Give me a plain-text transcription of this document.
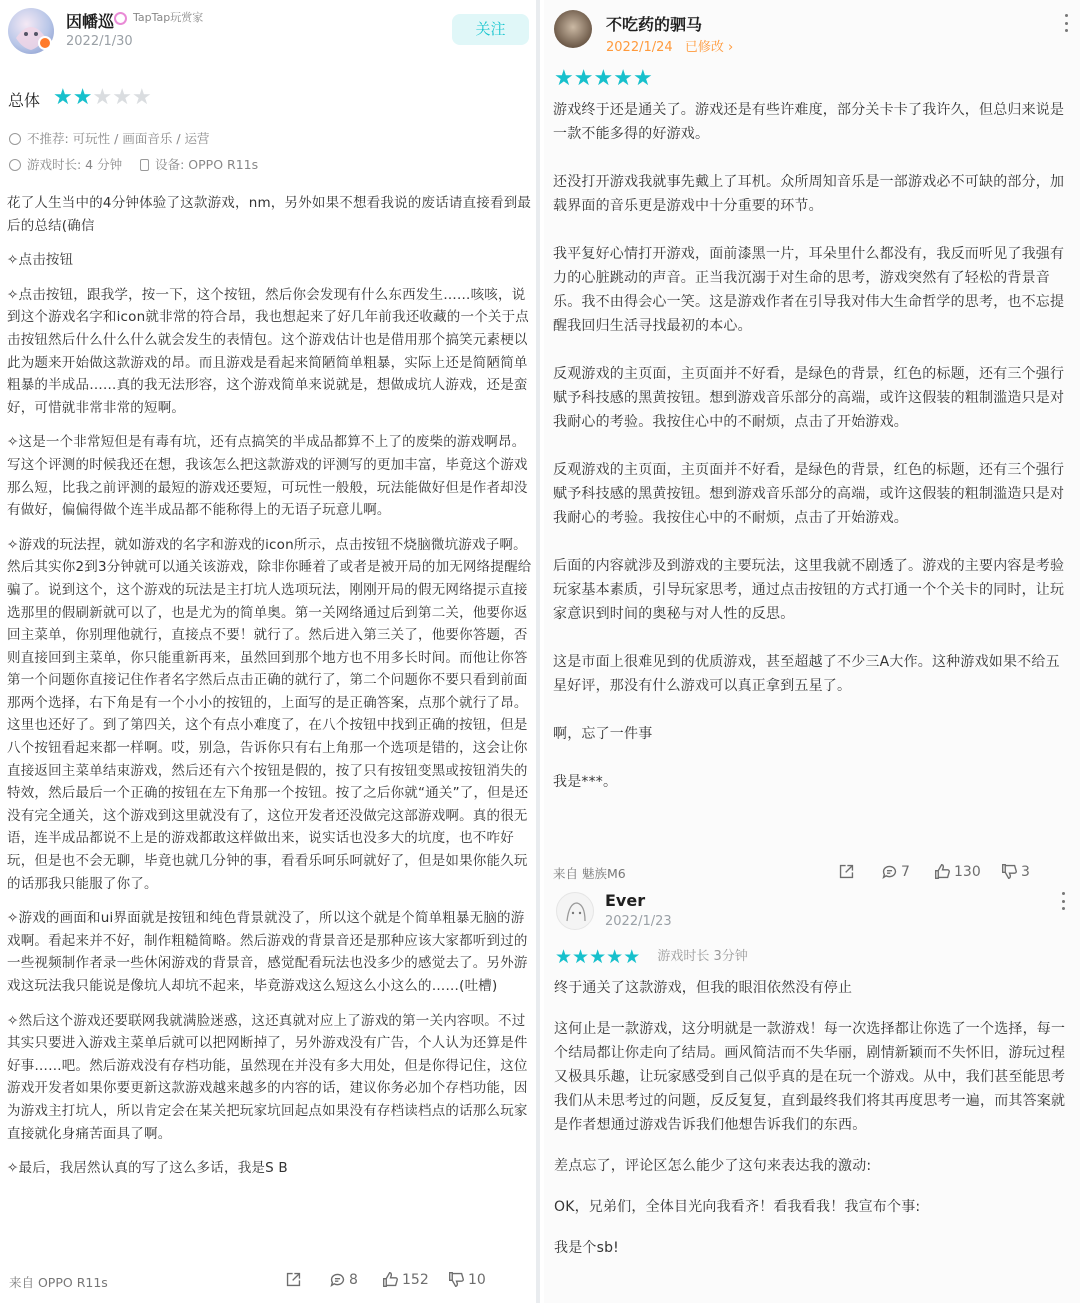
因幡巡 TapTap玩赏家
2022/1/30
关注
总体 ★★★★★
不推荐: 可玩性 / 画面音乐 / 运营
游戏时长: 4 分钟	设备: OPPO R11s

花了人生当中的4分钟体验了这款游戏，nm，另外如果不想看我说的废话请直接看到最后的总结(确信

✧点击按钮

✧点击按钮，跟我学，按一下，这个按钮，然后你会发现有什么东西发生……咳咳，说到这个游戏名字和icon就非常的符合昂，我也想起来了好几年前我还收藏的一个关于点击按钮然后什么什么什么就会发生的表情包。这个游戏估计也是借用那个搞笑元素梗以此为题来开始做这款游戏的昂。而且游戏是看起来简陋简单粗暴，实际上还是简陋简单粗暴的半成品……真的我无法形容，这个游戏简单来说就是，想做成坑人游戏，还是蛮好，可惜就非常非常的短啊。

✧这是一个非常短但是有毒有坑，还有点搞笑的半成品都算不上了的废柴的游戏啊昂。写这个评测的时候我还在想，我该怎么把这款游戏的评测写的更加丰富，毕竟这个游戏那么短，比我之前评测的最短的游戏还要短，可玩性一般般，玩法能做好但是作者却没有做好，偏偏得做个连半成品都不能称得上的无语子玩意儿啊。

✧游戏的玩法捏，就如游戏的名字和游戏的icon所示，点击按钮不烧脑微坑游戏子啊。然后其实你2到3分钟就可以通关该游戏，除非你睡着了或者是被开局的加无网络提醒给骗了。说到这个，这个游戏的玩法是主打坑人选项玩法，刚刚开局的假无网络提示直接选那里的假刷新就可以了，也是尤为的简单奥。第一关网络通过后到第二关，他要你返回主菜单，你别理他就行，直接点不要！就行了。然后进入第三关了，他要你答题，否则直接回到主菜单，你只能重新再来，虽然回到那个地方也不用多长时间。而他让你答第一个问题你直接记住作者名字然后点击正确的就行了，第二个问题你不要只看到前面那两个选择，右下角是有一个小小的按钮的，上面写的是正确答案，点那个就行了昂。这里也还好了。到了第四关，这个有点小难度了，在八个按钮中找到正确的按钮，但是八个按钮看起来都一样啊。哎，别急，告诉你只有右上角那一个选项是错的，这会让你直接返回主菜单结束游戏，然后还有六个按钮是假的，按了只有按钮变黑或按钮消失的特效，然后最后一个正确的按钮在左下角那一个按钮。按了之后你就“通关”了，但是还没有完全通关，这个游戏到这里就没有了，这位开发者还没做完这部游戏啊。真的很无语，连半成品都说不上是的游戏都敢这样做出来，说实话也没多大的坑度，也不咋好玩，但是也不会无聊，毕竟也就几分钟的事，看看乐呵乐呵就好了，但是如果你能久玩的话那我只能服了你了。

✧游戏的画面和ui界面就是按钮和纯色背景就没了，所以这个就是个简单粗暴无脑的游戏啊。看起来并不好，制作粗糙简略。然后游戏的背景音还是那种应该大家都听到过的一些视频制作者录一些休闲游戏的背景音，感觉配看玩法也没多少的感觉去了。另外游戏这玩法我只能说是像坑人却坑不起来，毕竟游戏这么短这么小这么的……(吐槽)

✧然后这个游戏还要联网我就满脸迷惑，这还真就对应上了游戏的第一关内容呗。不过其实只要进入游戏主菜单后就可以把网断掉了，另外游戏没有广告，个人认为还算是件好事……吧。然后游戏没有存档功能，虽然现在并没有多大用处，但是你得记住，这位游戏开发者如果你要更新这款游戏越来越多的内容的话，建议你务必加个存档功能，因为游戏主打坑人，所以肯定会在某关把玩家坑回起点如果没有存档读档点的话那么玩家直接就化身痛苦面具了啊。

✧最后，我居然认真的写了这么多话，我是S B

来自 OPPO R11s	8	152	10
不吃药的驷马
2022/1/24 已修改 ›
★★★★★

游戏终于还是通关了。游戏还是有些许难度，部分关卡卡了我许久，但总归来说是一款不能多得的好游戏。

还没打开游戏我就事先戴上了耳机。众所周知音乐是一部游戏必不可缺的部分，加载界面的音乐更是游戏中十分重要的环节。

我平复好心情打开游戏，面前漆黑一片，耳朵里什么都没有，我反而听见了我强有力的心脏跳动的声音。正当我沉溺于对生命的思考，游戏突然有了轻松的背景音乐。我不由得会心一笑。这是游戏作者在引导我对伟大生命哲学的思考，也不忘提醒我回归生活寻找最初的本心。

反观游戏的主页面，主页面并不好看，是绿色的背景，红色的标题，还有三个强行赋予科技感的黑黄按钮。想到游戏音乐部分的高端，或许这假装的粗制滥造只是对我耐心的考验。我按住心中的不耐烦，点击了开始游戏。

反观游戏的主页面，主页面并不好看，是绿色的背景，红色的标题，还有三个强行赋予科技感的黑黄按钮。想到游戏音乐部分的高端，或许这假装的粗制滥造只是对我耐心的考验。我按住心中的不耐烦，点击了开始游戏。

后面的内容就涉及到游戏的主要玩法，这里我就不剧透了。游戏的主要内容是考验玩家基本素质，引导玩家思考，通过点击按钮的方式打通一个个关卡的同时，让玩家意识到时间的奥秘与对人性的反思。

这是市面上很难见到的优质游戏，甚至超越了不少三A大作。这种游戏如果不给五星好评，那没有什么游戏可以真正拿到五星了。

啊，忘了一件事

我是***。

来自 魅族M6	7	130	3
Ever
2022/1/23
★★★★★ 游戏时长 3分钟

终于通关了这款游戏，但我的眼泪依然没有停止

这何止是一款游戏，这分明就是一款游戏！每一次选择都让你选了一个选择，每一个结局都让你走向了结局。画风简洁而不失华丽，剧情新颖而不失怀旧，游玩过程又极具乐趣，让玩家感受到自己似乎真的是在玩一个游戏。从中，我们甚至能思考我们从未思考过的问题，反反复复，直到最终我们将其再度思考一遍，而其答案就是作者想通过游戏告诉我们他想告诉我们的东西。

差点忘了，评论区怎么能少了这句来表达我的激动:

OK，兄弟们，全体目光向我看齐！看我看我！我宣布个事:

我是个sb!
